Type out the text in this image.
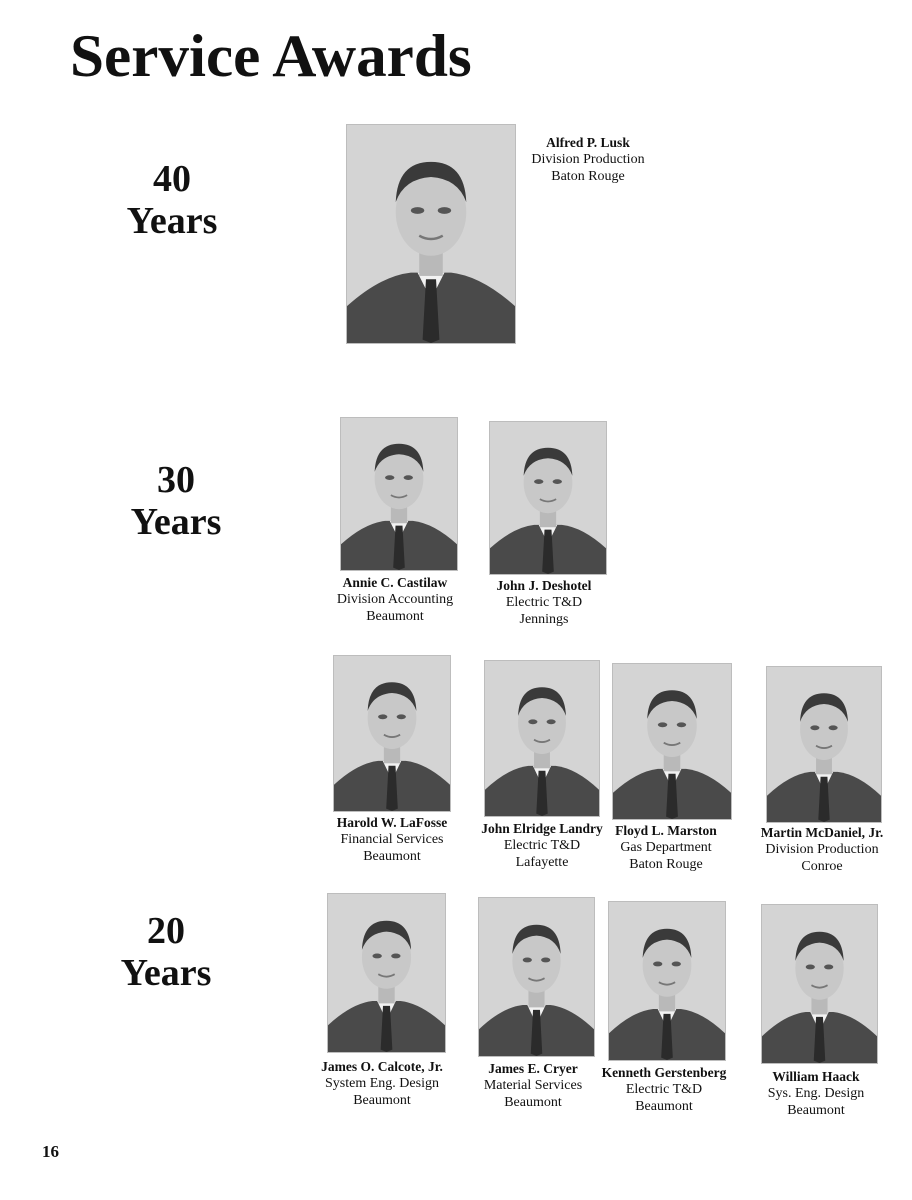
Service Awards
40
Years
30
Years
20
Years
Alfred P. Lusk
Division Production
Baton Rouge
Annie C. Castilaw
Division Accounting
Beaumont
John J. Deshotel
Electric T&D
Jennings
Harold W. LaFosse
Financial Services
Beaumont
John Elridge Landry
Electric T&D
Lafayette
Floyd L. Marston
Gas Department
Baton Rouge
Martin McDaniel, Jr.
Division Production
Conroe
James O. Calcote, Jr.
System Eng. Design
Beaumont
James E. Cryer
Material Services
Beaumont
Kenneth Gerstenberg
Electric T&D
Beaumont
William Haack
Sys. Eng. Design
Beaumont
16
